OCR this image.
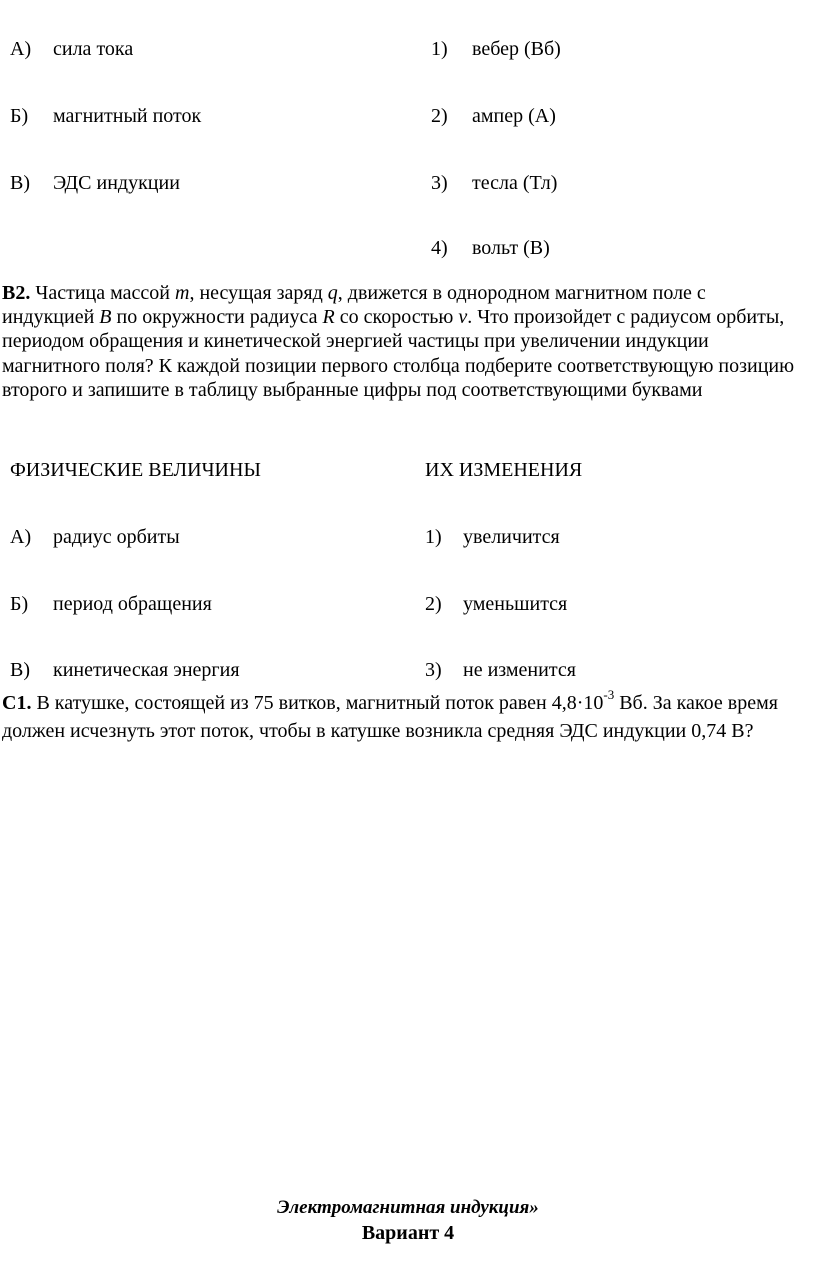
А) сила тока
Б) магнитный поток
В) ЭДС индукции
1) вебер (Вб)
2) ампер (А)
3) тесла (Тл)
4) вольт (В)
В2. Частица массой m, несущая заряд q, движется в однородном магнитном поле с индукцией B по окружности радиуса R со скоростью v. Что произойдет с радиусом орбиты, периодом обращения и кинетической энергией частицы при увеличении индукции магнитного поля? К каждой позиции первого столбца подберите соответствующую позицию второго и запишите в таблицу выбранные цифры под соответствующими буквами
ФИЗИЧЕСКИЕ ВЕЛИЧИНЫ	ИХ ИЗМЕНЕНИЯ
А) радиус орбиты
Б) период обращения
В) кинетическая энергия
1) увеличится
2) уменьшится
3) не изменится
С1. В катушке, состоящей из 75 витков, магнитный поток равен $4,8\cdot 10^{-3}$ Вб. За какое время должен исчезнуть этот поток, чтобы в катушке возникла средняя ЭДС индукции 0,74 В?
Электромагнитная индукция»
Вариант 4
